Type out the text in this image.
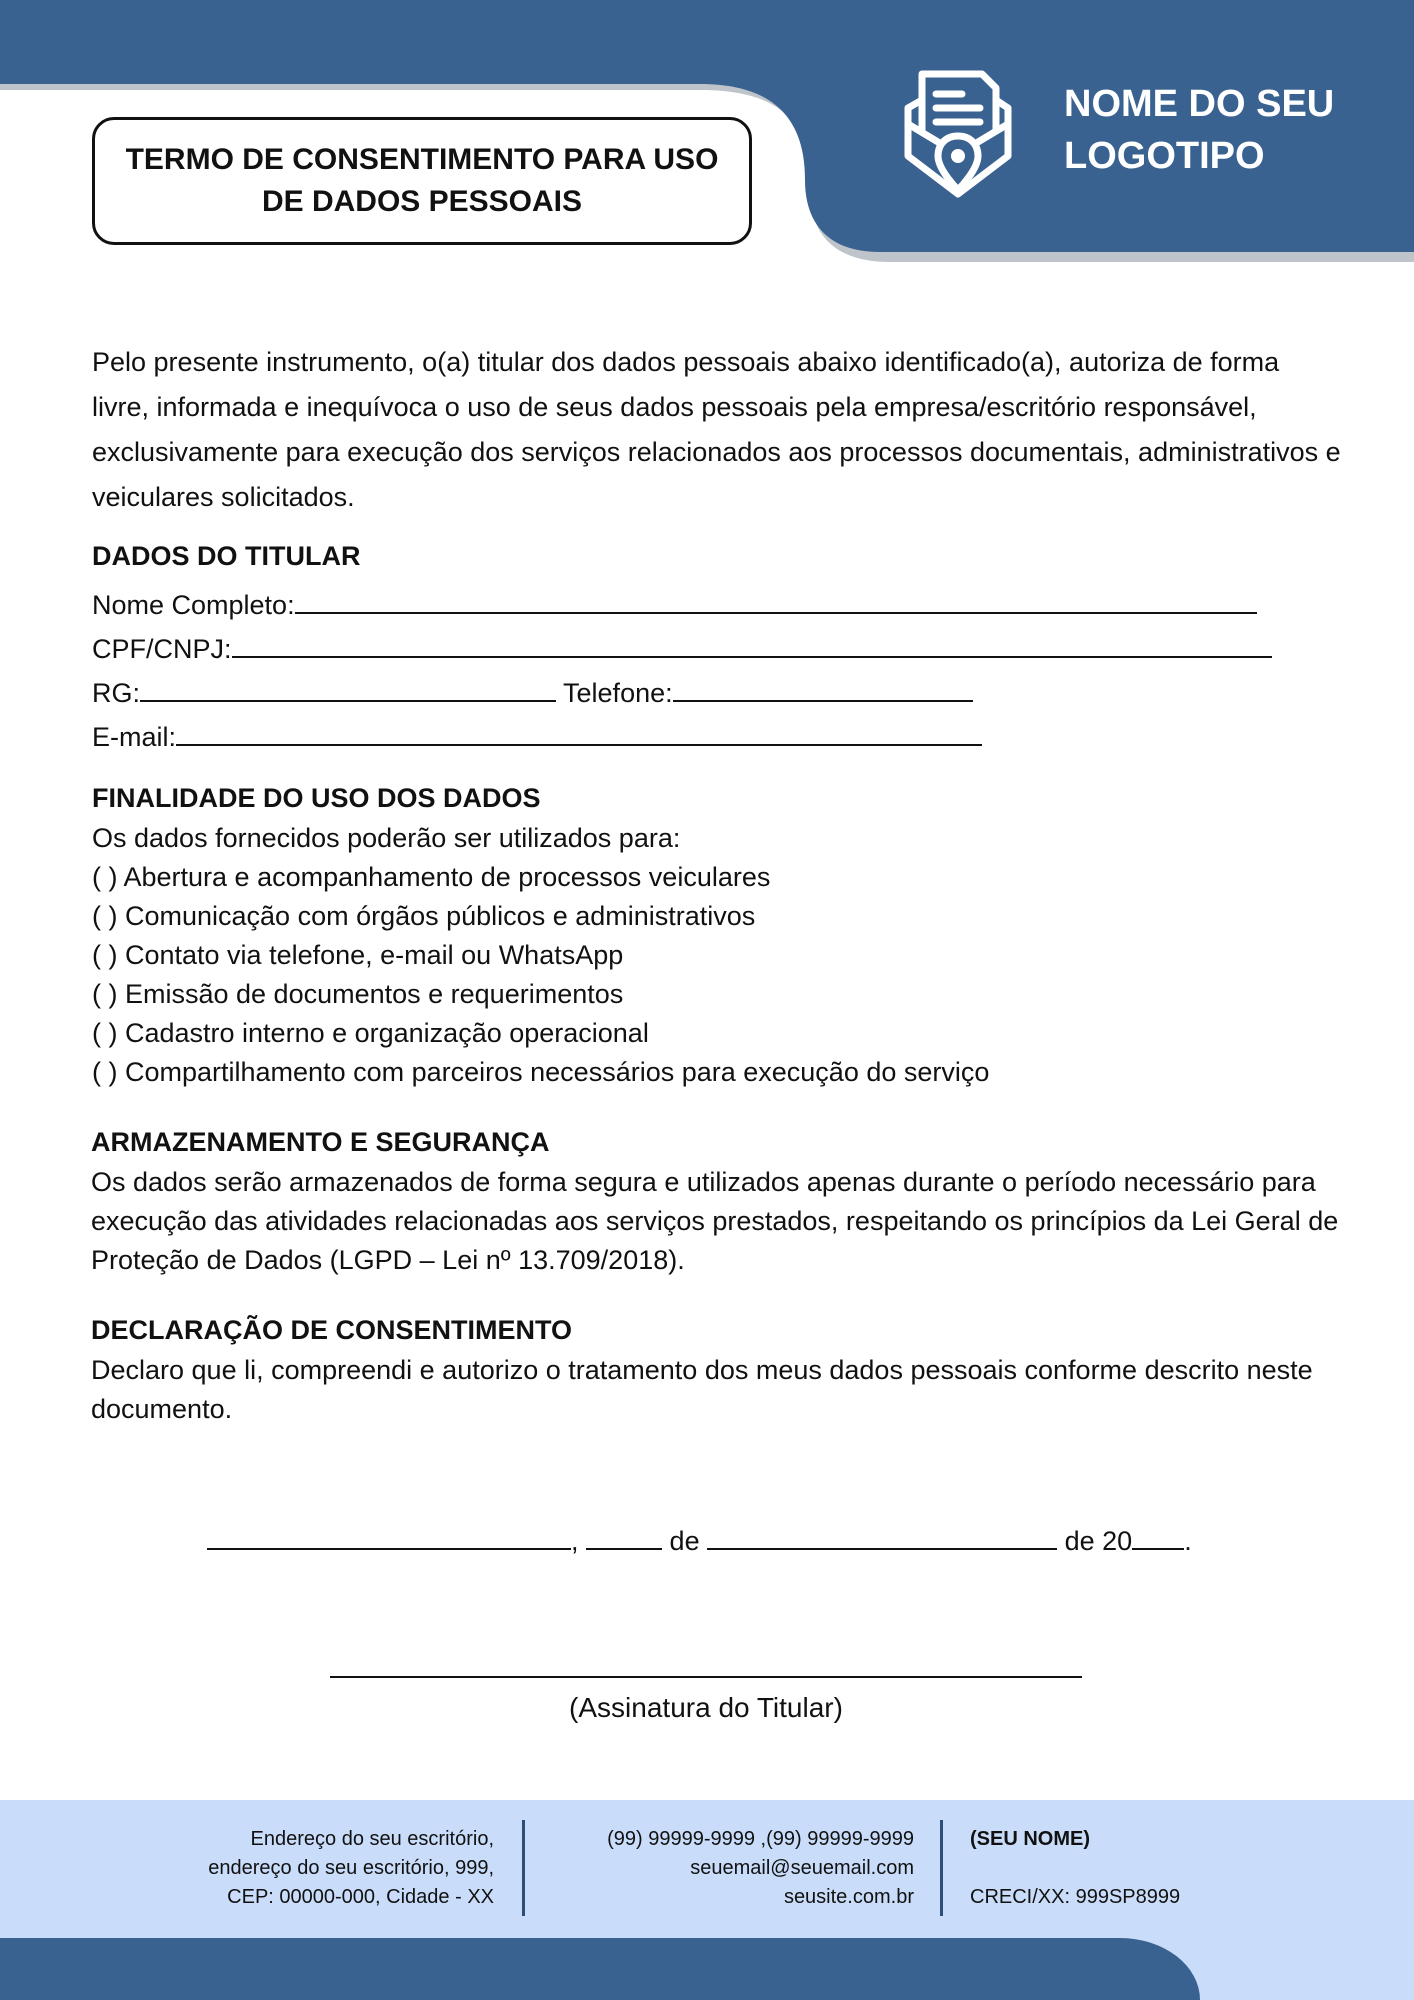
TERMO DE CONSENTIMENTO PARA USO DE DADOS PESSOAIS
NOME DO SEU LOGOTIPO
Pelo presente instrumento, o(a) titular dos dados pessoais abaixo identificado(a), autoriza de forma livre, informada e inequívoca o uso de seus dados pessoais pela empresa/escritório responsável, exclusivamente para execução dos serviços relacionados aos processos documentais, administrativos e veiculares solicitados.
DADOS DO TITULAR
Nome Completo:
CPF/CNPJ:
RG:	Telefone:
E-mail:
FINALIDADE DO USO DOS DADOS
Os dados fornecidos poderão ser utilizados para:
( ) Abertura e acompanhamento de processos veiculares
( ) Comunicação com órgãos públicos e administrativos
( ) Contato via telefone, e-mail ou WhatsApp
( ) Emissão de documentos e requerimentos
( ) Cadastro interno e organização operacional
( ) Compartilhamento com parceiros necessários para execução do serviço
ARMAZENAMENTO E SEGURANÇA
Os dados serão armazenados de forma segura e utilizados apenas durante o período necessário para execução das atividades relacionadas aos serviços prestados, respeitando os princípios da Lei Geral de Proteção de Dados (LGPD – Lei nº 13.709/2018).
DECLARAÇÃO DE CONSENTIMENTO
Declaro que li, compreendi e autorizo o tratamento dos meus dados pessoais conforme descrito neste documento.
,	de	de 20 .
(Assinatura do Titular)
Endereço do seu escritório,
endereço do seu escritório, 999,
CEP: 00000-000, Cidade - XX
(99) 99999-9999 ,(99) 99999-9999
seuemail@seuemail.com
seusite.com.br
(SEU NOME)
CRECI/XX: 999SP8999
